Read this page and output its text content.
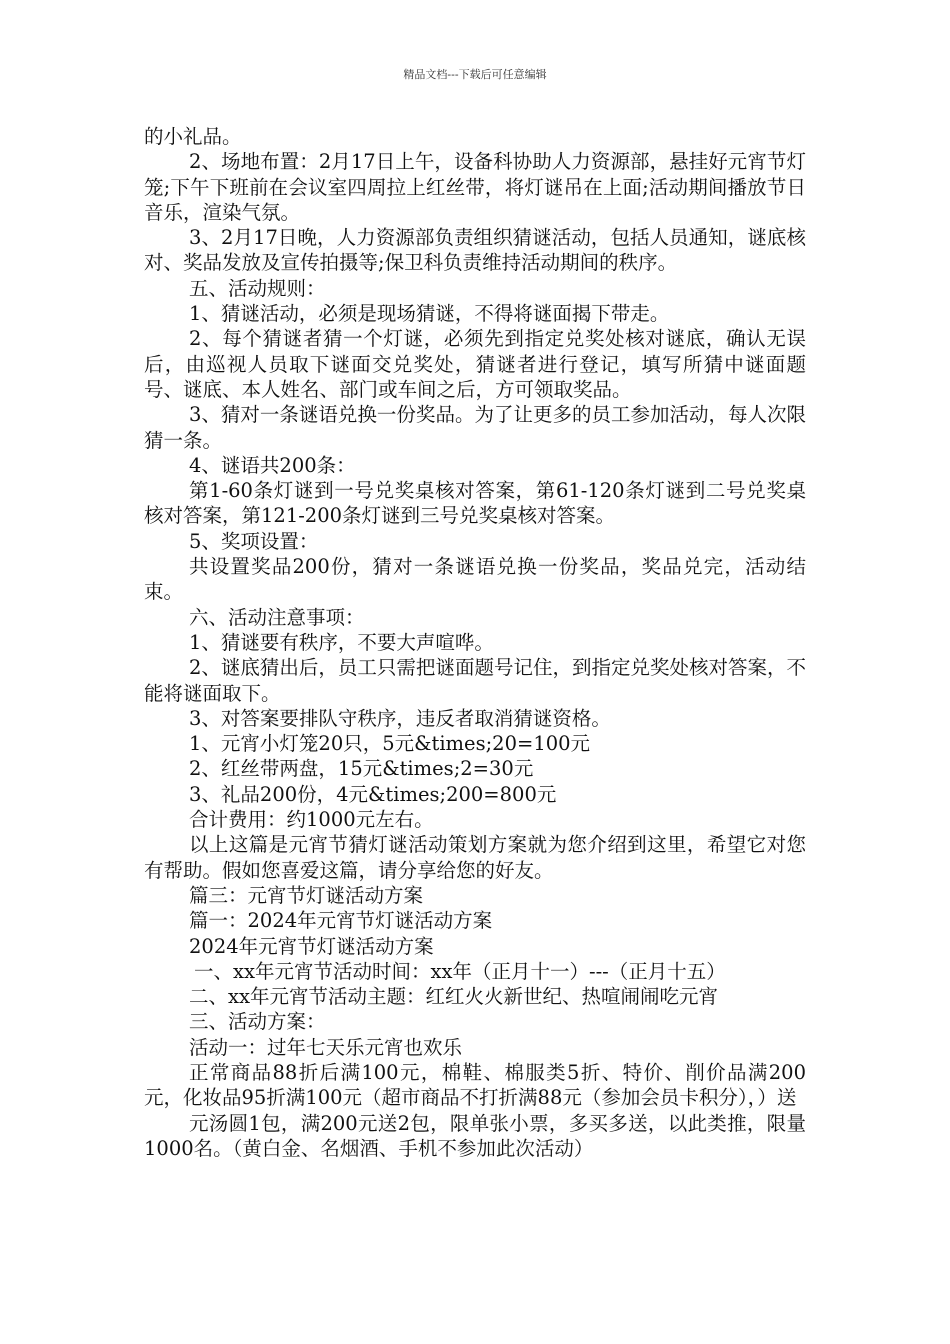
精品文档---下载后可任意编辑

的小礼品。

2、场地布置：2月17日上午，设备科协助人力资源部，悬挂好元宵节灯笼;下午下班前在会议室四周拉上红丝带，将灯谜吊在上面;活动期间播放节日音乐，渲染气氛。

3、2月17日晚，人力资源部负责组织猜谜活动，包括人员通知，谜底核对、奖品发放及宣传拍摄等;保卫科负责维持活动期间的秩序。

五、活动规则：

1、猜谜活动，必须是现场猜谜，不得将谜面揭下带走。

2、每个猜谜者猜一个灯谜，必须先到指定兑奖处核对谜底，确认无误后，由巡视人员取下谜面交兑奖处，猜谜者进行登记，填写所猜中谜面题号、谜底、本人姓名、部门或车间之后，方可领取奖品。

3、猜对一条谜语兑换一份奖品。为了让更多的员工参加活动，每人次限猜一条。

4、谜语共200条：

第1-60条灯谜到一号兑奖桌核对答案，第61-120条灯谜到二号兑奖桌核对答案，第121-200条灯谜到三号兑奖桌核对答案。

5、奖项设置：

共设置奖品200份，猜对一条谜语兑换一份奖品，奖品兑完，活动结束。

六、活动注意事项：

1、猜谜要有秩序，不要大声喧哗。

2、谜底猜出后，员工只需把谜面题号记住，到指定兑奖处核对答案，不能将谜面取下。

3、对答案要排队守秩序，违反者取消猜谜资格。

1、元宵小灯笼20只，5元&times;20=100元

2、红丝带两盘，15元&times;2=30元

3、礼品200份，4元&times;200=800元

合计费用：约1000元左右。

以上这篇是元宵节猜灯谜活动策划方案就为您介绍到这里，希望它对您有帮助。假如您喜爱这篇，请分享给您的好友。

篇三：元宵节灯谜活动方案

篇一：2024年元宵节灯谜活动方案

2024年元宵节灯谜活动方案

一、xx年元宵节活动时间：xx年（正月十一）---（正月十五）

二、xx年元宵节活动主题：红红火火新世纪、热喧闹闹吃元宵

三、活动方案：

活动一：过年七天乐元宵也欢乐

正常商品88折后满100元，棉鞋、棉服类5折、特价、削价品满200元，化妆品95折满100元（超市商品不打折满88元（参加会员卡积分），）送

元汤圆1包，满200元送2包，限单张小票，多买多送，以此类推，限量1000名。（黄白金、名烟酒、手机不参加此次活动）
